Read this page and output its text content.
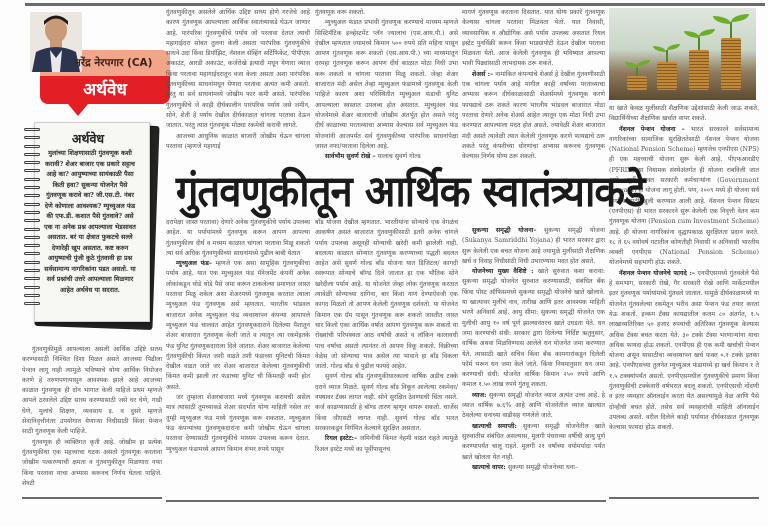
नरेंद्र नेरपगार (CA)
अर्थवेध
अर्थवेध
मुलांच्या शिक्षणासाठी गुंतवणूक कशी करावी? शेअर बाजार एक प्रकारे सट्टाच आहे का? आयुष्याच्या सायंकाळी पैसा किती हवा? सुकन्या योजनेत पैसे गुंतवणूक करावे का? जी.एस.टी. नंबर देणे कोणाला आवश्यक? म्युच्युअल फंड की एफ.डी. कशात पैसे गुंतवावे? असे एक ना अनेक प्रश्न आपल्याला भेडसावत असतात. बरं या क्षेत्रात फुकटचे सल्ले देणारेही खूप असतात. कष्ट करुन आयुष्याची पुंजी कुठे गुंतवावी हा प्रश्न सर्वसामान्य नागरिकांना पडत असतो. या सर्व प्रश्नांची उत्तरे आपल्याला मिळणार आहेत अर्थवेध या सदरात.

गुंतवणुकीतून असलेले आर्थिक उद्दिष्ट साध्य होणे गरजेचे आहे कारण गुंतवणूक आपल्याला आर्थिक स्वातंत्र्याकडे घेऊन जाणार आहे. पारंपरिक गुंतवणुकीचे पर्याय जो परतावा देतात त्याची महागाईदरा सोबत तुलना केली असता पारंपरिक गुंतवणुकीचे साधने उदा किंवा डिपॉझिट, नॅशनल सेव्हिंग सर्टिफिकेट, पीपीएफ अकाउंट, आरडी अकाउंट, कर्जरोखे इत्यादी मधून येणारा व्याज किंवा परतावा महागाईदरातून वजा केला असता अशा पारंपरिक गुंतवणुकीच्या साधनांमधून येणारा परतावा अत्यंत कमी असतो. परंतु या सर्व साधनांमध्ये जोखीम फार कमी असते. पारंपरिक गुंतवणुकीचे जे काही दीर्घकालीन पारंपरिक पर्याय जसे जमीन, सोने, शेती हे पर्याय देखील दीर्घकाळात चांगला परतावा देऊन जातात. परंतु त्यात गुंतवणूक मोठ्या रकमेची करावी लागते.

आजच्या आधुनिक काळात बाजारी जोखीम घेऊन चांगला परतावा (म्हणजे महागाई

गुंतवणूक करू शकतो.

म्युच्युअल फंडात प्रभावी गुंतवणूक करण्याचे माध्यम म्हणजे सिस्टिमॅटिक इन्व्हेस्टमेंट प्लॅन ज्यालाच (एस.आय.पी.) असे देखील म्हणतात ज्यामध्ये किमान ५०० रुपये प्रति महिना पासून आपण गुंतवणूक करू शकतो (एस.आय.पी.) च्या माध्यमातून दरमहा गुंतवणूक करून आपण दीर्घ काळात मोठा निधी उभा करू शकतो व चांगला परतावा मिळू शकतो. जेव्हा शेअर बाजारात मंदी असेल तेव्हा म्युच्युअल फंडामध्ये गुंतवणूक केली पाहिजे कारण अशा परिस्थितीत म्युच्युअल फंडाची युनिट आपल्याला स्वस्तात उपलब्ध होत असतात. म्युच्युअल फंड योजनेमध्ये शेअर बाजाराची जोखीम अंतर्भूत होत असते परंतु दीर्घ काळाच्या परताव्याचा अभ्यास केल्यास सर्व म्युच्युअल फंड योजनांनी आजपर्यंत सर्व गुंतवणुकीच्या पारंपरिक साधनांपेक्षा जास्त नफा/परतावा दिलेला आहे.

सार्वभौम सुवर्ण रोखे – यालाच सुवर्ण गोल्ड

मागणं गुंतवणूक करताना दिसतात. यात योग्य प्रकारे गुंतवणूक केल्यास चांगला परतावा मिळवता येतो. यात निवासी, व्यावसायिक व औद्योगिक असे पर्याय उपलब्ध असतात रियल इस्टेट पुनर्विक्री करून किंवा भाड्यापोटी देऊन देखील परतावा मिळवता येतो. आज केलेली गुंतवणूक ही भविष्यात आपल्या भावी पिढ्यांसाठी लाभदायक ठरू शकते.

शेअर्स :– नामांकित कंपन्यांचे शेअर्स हे देखील गुंतवणीसाठी एक चांगला पर्याय आहे मागील काही वर्षांच्या परताव्याचा अभ्यास करून दीर्घकाळासाठी शेअर्समध्ये गुंतवणूक करणे फायद्याचे ठरू शकते कारण भारतीय भांडवल बाजारात मोठा परतावा देणारे अनेक शेअर्स आहेत त्यातून एक मोठा निधी उभा करण्यात आपल्याला मदत होत असते. ज्यावेळी शेअर बाजारात मंदी असते त्यावेळी त्यात केलेली गुंतवणूक करणे फायद्याचे ठरू शकते परंतु कंपनीच्या धोरणांचा अभ्यास करूनच गुंतवणूक केल्यास निर्णय योग्य ठरू शकतो.

या खाते केवळ मुलींसाठी शैक्षणिक उद्देशांसाठी केली जाऊ शकते. विद्यार्थिनीच्या शैक्षणिक खर्चात वापर शकते.

नॅशनल पेन्शन योजना – भारत सरकारने सर्वसामान्य नागरिकांच्या सामाजिक सुरक्षिततेसाठी नॅशनल पेन्शन योजना (National Pension Scheme) म्हणजेच एनपीएस (NPS) ही एक महत्त्वाची योजना सुरू केली आहे. पीएफआरडीए (PFRD-) या नियामक संस्थेअंतर्गत ही योजना राबविली जात आहे. पूर्वी फक्त सरकारी कर्मचाऱ्यांना (Government Servant) ही योजना लागू होती. पण, २००९ मध्ये ही योजना सर्व नागरिकांसाठी खुली करण्यात आली आहे. नॅशनल पेन्शन सिस्टम (एनपीएस) ही भारत सरकारने सुरू केलेली एक निवृत्ती वेतन कम गुंतवणूक योजना (Pension cum Investment Scheme) आहे. ही योजना नागरिकांना वृद्धापकाळ सुरक्षितता प्रदान करते. १८ ते ६५ वयोवर्ष गटातील कोणतीही निवासी व अनिवासी भारतीय व्यक्ती एनपीएस (National Pension Scheme) योजनेमध्ये सहभागी होऊ शकते.

नॅशनल पेन्शन योजनेचे फायदे :– एनपीएसमध्ये गुंतवलेले पैसे हे समभाग, सरकारी रोखे, गैर सरकारी रोखे आणि मार्केटमधील इतर गुंतवणूक पर्यायांमध्ये गुंतवले जातात. यामुळे दीर्घकाळामध्ये या योजनेत गुंतवलेल्या रकमेतून भरीव असा पेन्शन फंड तयार करता येऊ शकतो. इन्कम टॅक्स कायद्यातील कलम ८० अंतर्गत, १.५ लाखाव्यतिरिक्त ५० हजार रुपयांची अतिरिक्त गुंतवणूक केल्यास अधिक टॅक्स बचत करता येते. ३० टक्के टॅक्स भरणाऱ्यांना याचा अधिक फायदा होऊ शकतो. एनपीएस ही एक कमी खर्चाची पेन्शन योजना असून यासाठीचा व्यवस्थापन खर्च फक्त ०.१ टक्के इतका आहे. एनपीएसच्या तुलनेत म्युच्युअल फंडामध्ये हा खर्च किमान १ ते १.५ टक्क्यांपर्यंत असतो. एनपीएसमधील गुंतवणुकीचे प्रमाण किंवा गुंतवणुकीची टक्केवारी वर्षभरात बदलू शकतो. एनपीएसची नोंदणी व इतर व्यवहार ऑनलाईन करता येत असल्यामुळे वेळ आणि पैसे दोन्हीची बचत होते. तसेच सर्व व्यवहारांची माहिती ऑनलाईन उपलब्ध असते. वरील दिलेले काही पर्यायात दीर्घकाळात गुंतवणूक केल्यास फायदा होऊ शकतो.

गुंतवणुकीतून आर्थिक स्वातंत्र्याकडे

गुंतवणुकीमुळे आपल्याला असली आर्थिक उद्दिष्टे साध्य करण्यासाठी निश्चित दिशा मिळत असते आजच्या पिढीला पेन्शन लागू नाही त्यामुळे भविष्याचे योग्य आर्थिक नियोजन करणे हे तरुणपणापासून आवश्यक झाले आहे आजच्या काळात गुंतवणूक ही दोन भागात केली पाहिजे प्रथम म्हणजे आपले ठरवलेले उद्दिष्ट साध्य करण्यासाठी जसे घर घेणे, गाडी घेणे, मुलांचे शिक्षण, व्यवसाय इ. व दुसरे म्हणजे सेवानिवृत्तीनंतर उपयोगात येणाऱ्या निधीसाठी किंवा पेन्शन साठी गुंतवणूक केली पाहिजे.

गुंतवणूक ही व्यक्तिगत कृती आहे. जोखीम हा प्रत्येक गुंतवणुकीचा एक महत्त्वाचा घटक असतो गुंतवणूक करताना जोखीम पत्करण्याची क्षमता व गुंतवणुकीतून मिळणारा नफा किंवा परतावा याचा अभ्यास करूनच निर्णय घेतला पाहिजे. शेवटी

दरापेक्षा जास्त परतावा) देणारे अनेक गुंतवणुकीचे पर्याय उपलब्ध आहेत. या पर्यायांमध्ये गुंतवणूक करून आपण आपल्या गुंतवणुकीला दीर्घ व मध्यम काळात चांगला परतावा मिळू शकतो त्या सर्व अधिक गुंतवणुकीच्या साधनांमध्ये पुढील बाबी येतात

म्युच्युअल फंड– म्हणजे एक असा सामूहिक गुंतवणुकीचा पर्याय आहे. यात एक म्युच्युअल फंड मॅनेजमेंट कंपनी अनेक लोकांकडून थोडे थोडे पैसे जमा करून टाकलेल्या प्रमाणात जास्त परतावा मिळू शकेल अशा शेअरमध्ये गुंतवणूक करतात त्याला म्युच्युअल फंड गुंतवणूक असे म्हणतात. भारतीय भांडवल बाजारात अनेक म्युच्युअल फंड व्यवस्थापन कंपन्या आपापले म्युच्युअल फंड चालवत आहेत गुंतवणूकदाराने दिलेल्या पैशातून शेअर बाजारात गुंतवणूक केली जाते व त्यातून त्या रकमेइतके फंड युनिट गुंतवणूकदाराला दिले जातात. शेअर बाजारात केलेल्या गुंतवणुकीची किंमत जशी वाढते तशी फंडाच्या युनिटची किंमत देखील वाढत जाते जर शेअर बाजारात केलेल्या गुंतवणुकीची किंमत कमी झाली तर फंडाच्या युनिट ची किंमतही कमी होत असते.

जर तुम्हाला शेअरबाजारा मध्ये गुंतवणूक करायची असेल मात्र त्यासाठी तुमच्याकडे शेअर संदर्भात योग्य माहिती नसेल तर तुम्ही म्युच्युअल फंड मध्ये गुंतवणूक करू शकतात. म्युच्युअल फंड कंपन्यांच्या गुंतवणूकदारांना कमी जोखीम घेऊन चांगला परतावा देण्यासाठी गुंतवणुकीचे माध्यम उपलब्ध करून देतात. म्युच्युअल फंडामध्ये आपण किमान शंभर रुपये पासून

बाँड योजना देखील म्हणतात. भारतीयांना सोन्याचे एक वेगळंच आकर्षण असतं बाजारात गुंतवणुकीसाठी इतरी अनेक चांगले पर्याय उपलब्ध असूनही सोन्याची खरेदी कमी झालेली नाही. बदलत्या काळात सोन्यात गुंतवणूक करण्याच्या पद्धती बदलत आहेत असे सुवर्ण गोल्ड बाँड योजना यात डिजिटल/ कागदी स्वरूपात सोन्याचे बॉण्ड दिले जातात हा एक भौतिक सोने खरेदीला पर्याय आहे. या योजनेत जेव्हा लोक गुंतवणूक करतात त्यावेळी सोन्याच्या दागिना, बार किंवा नाणं देण्याऐवजी एक कागद मिळतो तो आपण केलेली गुंतवणूक दर्शवतो. या योजनेत किमान एक ग्रॅम पासून गुंतवणूक करू शकतो जास्तीत जास्त चार किलो एका आर्थिक वर्षात आपण गुंतवणूक करू शकतो या रोख्यांची परिपक्वता आठ वर्षांची असते व लॉकिन कालावधी पाच वर्षांचा असतो त्यानंतर तो आपण विकू शकतो. विक्रीच्या वेळेस जो सोन्याचा भाव असेल त्या भावाने हा बाँड विकला जातो. गोल्ड बाँड चे पुढील फायदे आहेत.

सुवर्ण गोल्ड बाँड गुंतवणुकीधारकाला वार्षिक अडीच टक्के दराने व्याज मिळते. सुवर्ण गोल्ड बाँड विकून आलेल्या रकमेवर/नफ्यावर टॅक्स लागत नाही. सोने सुरक्षित ठेवण्याची चिंता नसते. कर्ज काढण्यासाठी हे बॉण्ड तारण म्हणून वापरू शकतो. चार्जेस किंवा जीएसटी लागत नाही. सुवर्ण गोल्ड बाँड भारत सरकारकडून निर्गमित केल्याने सुरक्षित असतात.

रियल इस्टेट:– जमिनीची किंमत नेहमी वाढत राहते त्यामुळे रिअल इस्टेट मध्ये का पूर्वीपासूनच

सुकन्या समृद्धी योजना– सुकन्या समृद्धी योजना (Sukanya Samriddhi Yojana) ही भारत सरकार द्वारा सुरू केलेली एक बचत योजना आहे ज्यामुळे मुलींसाठी शैक्षणिक खर्च व विवाह निधीसाठी निधी उभारण्यास मदत होत असते.

योजनेच्या मुख्य वैशिष्टे : खाते सुरुवात कशा करावा: सुकन्या समृद्धी योजनेत सुरुवात करण्यासाठी, संबंधित बँक किंवा पोस्ट ऑफिसमध्ये सुकन्या समृद्धी योजनेचे खाते खोलावे. या खात्यावर मुलीचे नाव, तारीख आणि इतर आवश्यक माहिती भरणे अनिवार्य आहे. आयु सीमा: सुकन्या समृद्धी योजनेत एक मुलीची आयु १० वर्ष पूर्ण झाल्यानंतरच खाते उघडता येते. धन जमा करण्याची संधी: सरकार द्वारा दिलेल्या निर्दिष्ट ऋतुनुसार, वार्षिक अथवा मिळविण्यास आलेले धन योजनेत जमा करण्यात येते. त्यासाठी खाते सचिव किंवा बँक कामगारांकडून दिलेली फॉर्म भरून धन जमा केले जाते. किंवा नियमानुसार धन जमा करण्याची संधी: योजनेत वार्षिक किमान २५० रुपये आणि कमाल १.५० लाख रुपये गुंतवू शकता.

व्याज: सुकन्या समृद्धी योजनेत व्याज अत्यंत उच्च आहे. हे व्याज वार्षिक ७.६% आहे आणि योजनेतील व्याज खात्यात ठेवलेल्या धनाच्या वाढीसह गणलेले जाते.

खात्याची समाप्ती: सुकन्या समृद्धी योजनेतील खाते सुरुवातीस संबंधित असल्यास, मुलगी पंधराव्या वर्षीची आयु पूर्ण करण्यापर्यंत चालू राहते. मुलगी २१ वर्षांच्या वयोमर्यादा पर्यंत खाते खोलता येत नाही.

खात्याचे वापर: सुकन्या समृद्धी योजनेच्या धना–
